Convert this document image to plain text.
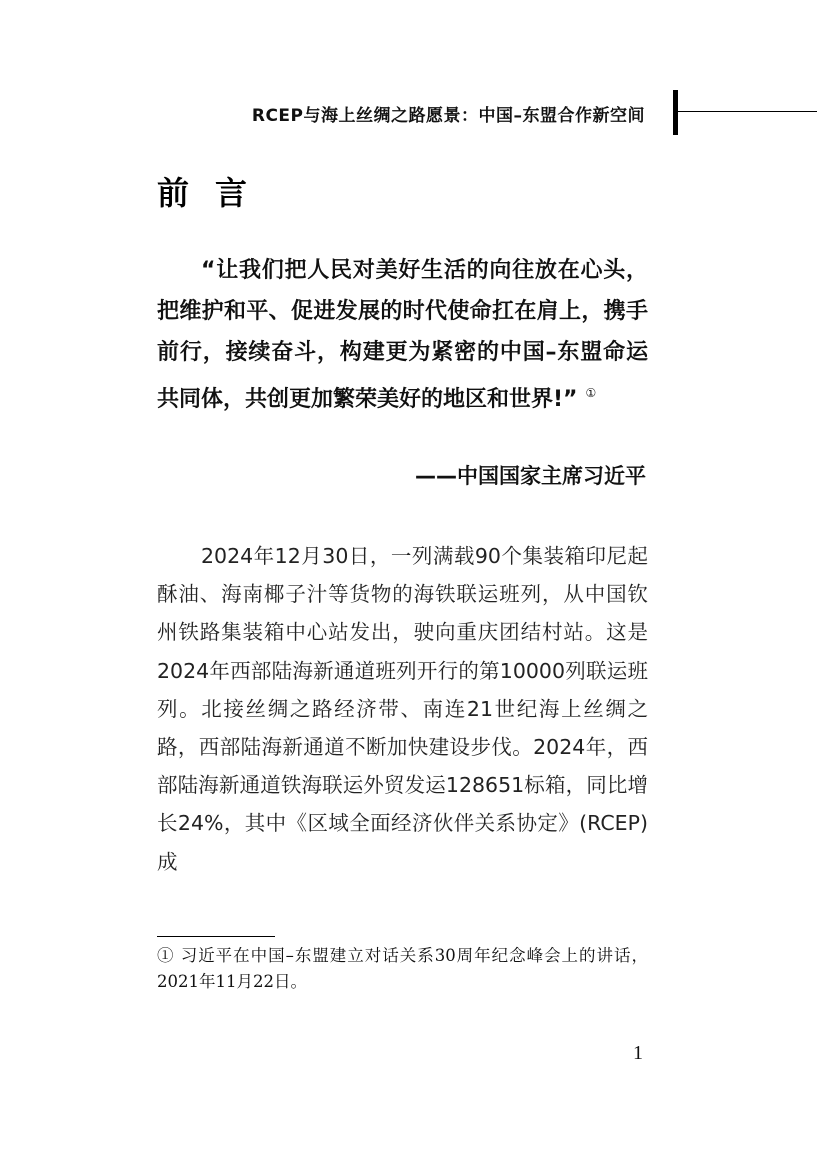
RCEP与海上丝绸之路愿景：中国–东盟合作新空间
前言
“让我们把人民对美好生活的向往放在心头，把维护和平、促进发展的时代使命扛在肩上，携手前行，接续奋斗，构建更为紧密的中国–东盟命运共同体，共创更加繁荣美好的地区和世界!” ①
——中国国家主席习近平
2024年12月30日，一列满载90个集装箱印尼起酥油、海南椰子汁等货物的海铁联运班列，从中国钦州铁路集装箱中心站发出，驶向重庆团结村站。这是2024年西部陆海新通道班列开行的第10000列联运班列。北接丝绸之路经济带、南连21世纪海上丝绸之路，西部陆海新通道不断加快建设步伐。2024年，西部陆海新通道铁海联运外贸发运128651标箱，同比增长24%，其中《区域全面经济伙伴关系协定》(RCEP) 成
① 习近平在中国–东盟建立对话关系30周年纪念峰会上的讲话，2021年11月22日。
1
